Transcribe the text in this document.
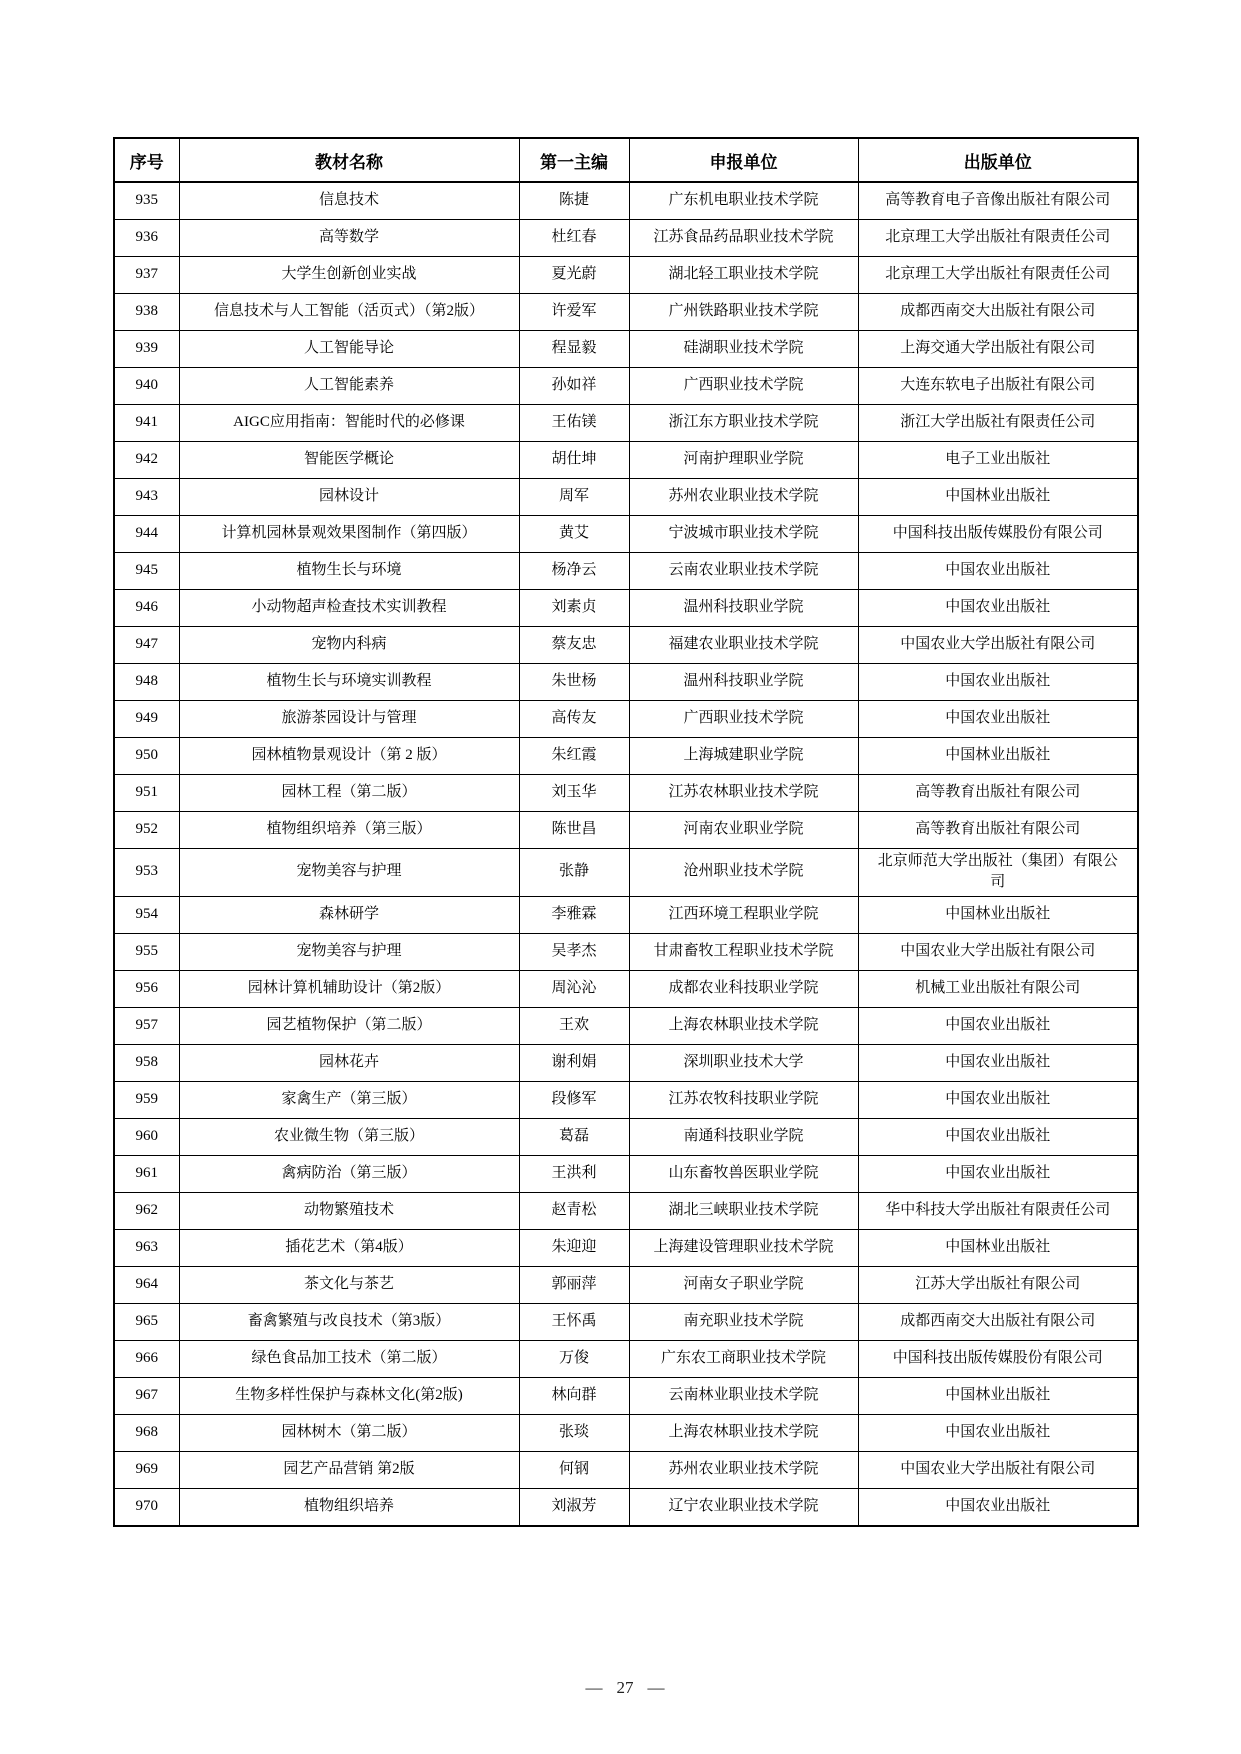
序号	教材名称	第一主编	申报单位	出版单位
935	信息技术	陈捷	广东机电职业技术学院	高等教育电子音像出版社有限公司
936	高等数学	杜红春	江苏食品药品职业技术学院	北京理工大学出版社有限责任公司
937	大学生创新创业实战	夏光蔚	湖北轻工职业技术学院	北京理工大学出版社有限责任公司
938	信息技术与人工智能（活页式）（第2版）	许爱军	广州铁路职业技术学院	成都西南交大出版社有限公司
939	人工智能导论	程显毅	硅湖职业技术学院	上海交通大学出版社有限公司
940	人工智能素养	孙如祥	广西职业技术学院	大连东软电子出版社有限公司
941	AIGC应用指南：智能时代的必修课	王佑镁	浙江东方职业技术学院	浙江大学出版社有限责任公司
942	智能医学概论	胡仕坤	河南护理职业学院	电子工业出版社
943	园林设计	周军	苏州农业职业技术学院	中国林业出版社
944	计算机园林景观效果图制作（第四版）	黄艾	宁波城市职业技术学院	中国科技出版传媒股份有限公司
945	植物生长与环境	杨净云	云南农业职业技术学院	中国农业出版社
946	小动物超声检查技术实训教程	刘素贞	温州科技职业学院	中国农业出版社
947	宠物内科病	蔡友忠	福建农业职业技术学院	中国农业大学出版社有限公司
948	植物生长与环境实训教程	朱世杨	温州科技职业学院	中国农业出版社
949	旅游茶园设计与管理	高传友	广西职业技术学院	中国农业出版社
950	园林植物景观设计（第 2 版）	朱红霞	上海城建职业学院	中国林业出版社
951	园林工程（第二版）	刘玉华	江苏农林职业技术学院	高等教育出版社有限公司
952	植物组织培养（第三版）	陈世昌	河南农业职业学院	高等教育出版社有限公司
953	宠物美容与护理	张静	沧州职业技术学院	北京师范大学出版社（集团）有限公司
954	森林研学	李雅霖	江西环境工程职业学院	中国林业出版社
955	宠物美容与护理	吴孝杰	甘肃畜牧工程职业技术学院	中国农业大学出版社有限公司
956	园林计算机辅助设计（第2版）	周沁沁	成都农业科技职业学院	机械工业出版社有限公司
957	园艺植物保护（第二版）	王欢	上海农林职业技术学院	中国农业出版社
958	园林花卉	谢利娟	深圳职业技术大学	中国农业出版社
959	家禽生产（第三版）	段修军	江苏农牧科技职业学院	中国农业出版社
960	农业微生物（第三版）	葛磊	南通科技职业学院	中国农业出版社
961	禽病防治（第三版）	王洪利	山东畜牧兽医职业学院	中国农业出版社
962	动物繁殖技术	赵青松	湖北三峡职业技术学院	华中科技大学出版社有限责任公司
963	插花艺术（第4版）	朱迎迎	上海建设管理职业技术学院	中国林业出版社
964	茶文化与茶艺	郭丽萍	河南女子职业学院	江苏大学出版社有限公司
965	畜禽繁殖与改良技术（第3版）	王怀禹	南充职业技术学院	成都西南交大出版社有限公司
966	绿色食品加工技术（第二版）	万俊	广东农工商职业技术学院	中国科技出版传媒股份有限公司
967	生物多样性保护与森林文化(第2版)	林向群	云南林业职业技术学院	中国林业出版社
968	园林树木（第二版）	张琰	上海农林职业技术学院	中国农业出版社
969	园艺产品营销 第2版	何钢	苏州农业职业技术学院	中国农业大学出版社有限公司
970	植物组织培养	刘淑芳	辽宁农业职业技术学院	中国农业出版社
— 27 —
